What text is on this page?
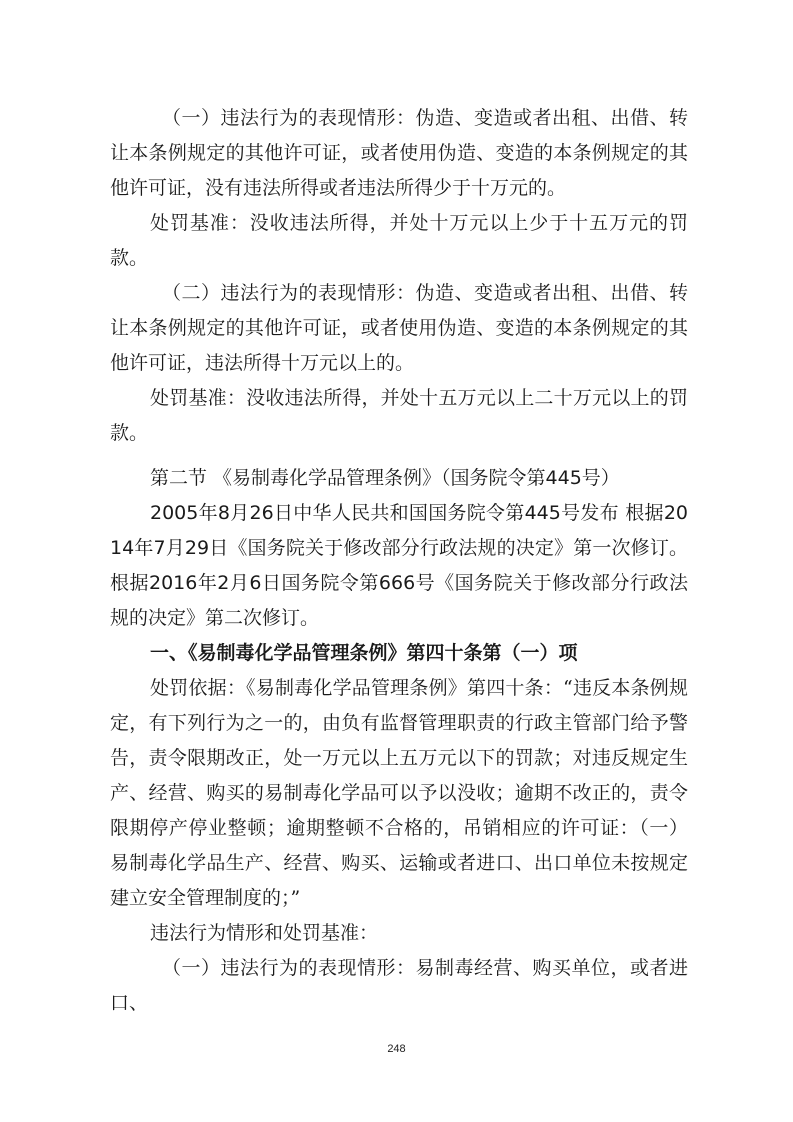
（一）违法行为的表现情形：伪造、变造或者出租、出借、转让本条例规定的其他许可证，或者使用伪造、变造的本条例规定的其他许可证，没有违法所得或者违法所得少于十万元的。

处罚基准：没收违法所得，并处十万元以上少于十五万元的罚款。

（二）违法行为的表现情形：伪造、变造或者出租、出借、转让本条例规定的其他许可证，或者使用伪造、变造的本条例规定的其他许可证，违法所得十万元以上的。

处罚基准：没收违法所得，并处十五万元以上二十万元以上的罚款。

第二节 《易制毒化学品管理条例》（国务院令第445号）

2005年8月26日中华人民共和国国务院令第445号发布 根据2014年7月29日《国务院关于修改部分行政法规的决定》第一次修订。根据2016年2月6日国务院令第666号《国务院关于修改部分行政法规的决定》第二次修订。

一、《易制毒化学品管理条例》第四十条第（一）项

处罚依据：《易制毒化学品管理条例》第四十条：“违反本条例规定，有下列行为之一的，由负有监督管理职责的行政主管部门给予警告，责令限期改正，处一万元以上五万元以下的罚款；对违反规定生产、经营、购买的易制毒化学品可以予以没收；逾期不改正的，责令限期停产停业整顿；逾期整顿不合格的，吊销相应的许可证：（一）易制毒化学品生产、经营、购买、运输或者进口、出口单位未按规定建立安全管理制度的；”

违法行为情形和处罚基准：

（一）违法行为的表现情形：易制毒经营、购买单位，或者进口、

248
